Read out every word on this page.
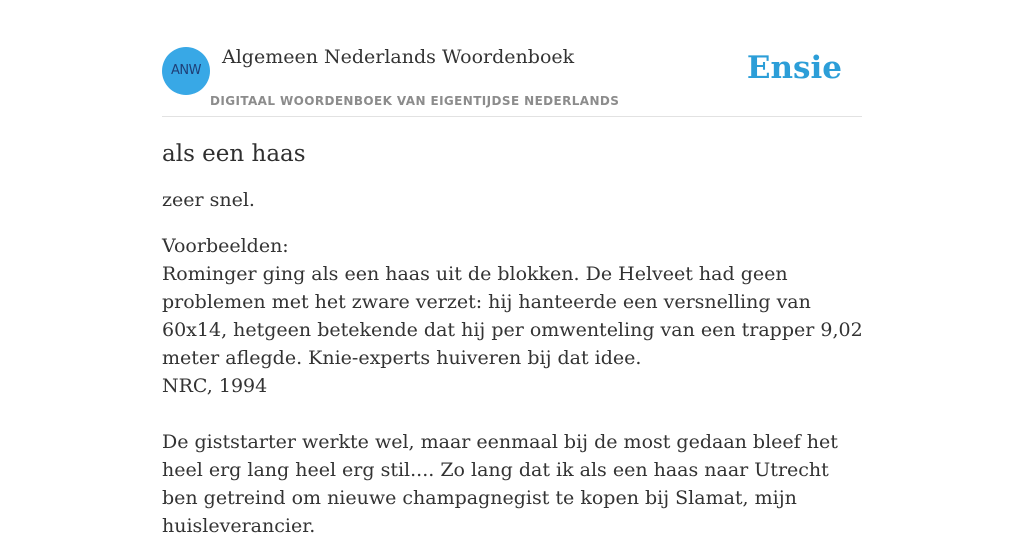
ANW
Algemeen Nederlands Woordenboek
DIGITAAL WOORDENBOEK VAN EIGENTIJDSE NEDERLANDS
Ensie
als een haas

zeer snel.

Voorbeelden:

Rominger ging als een haas uit de blokken. De Helveet had geen problemen met het zware verzet: hij hanteerde een versnelling van 60x14, hetgeen betekende dat hij per omwenteling van een trapper 9,02 meter aflegde. Knie-experts huiveren bij dat idee.

NRC, 1994

De giststarter werkte wel, maar eenmaal bij de most gedaan bleef het heel erg lang heel erg stil.... Zo lang dat ik als een haas naar Utrecht ben getreind om nieuwe champagnegist te kopen bij Slamat, mijn huisleverancier.
